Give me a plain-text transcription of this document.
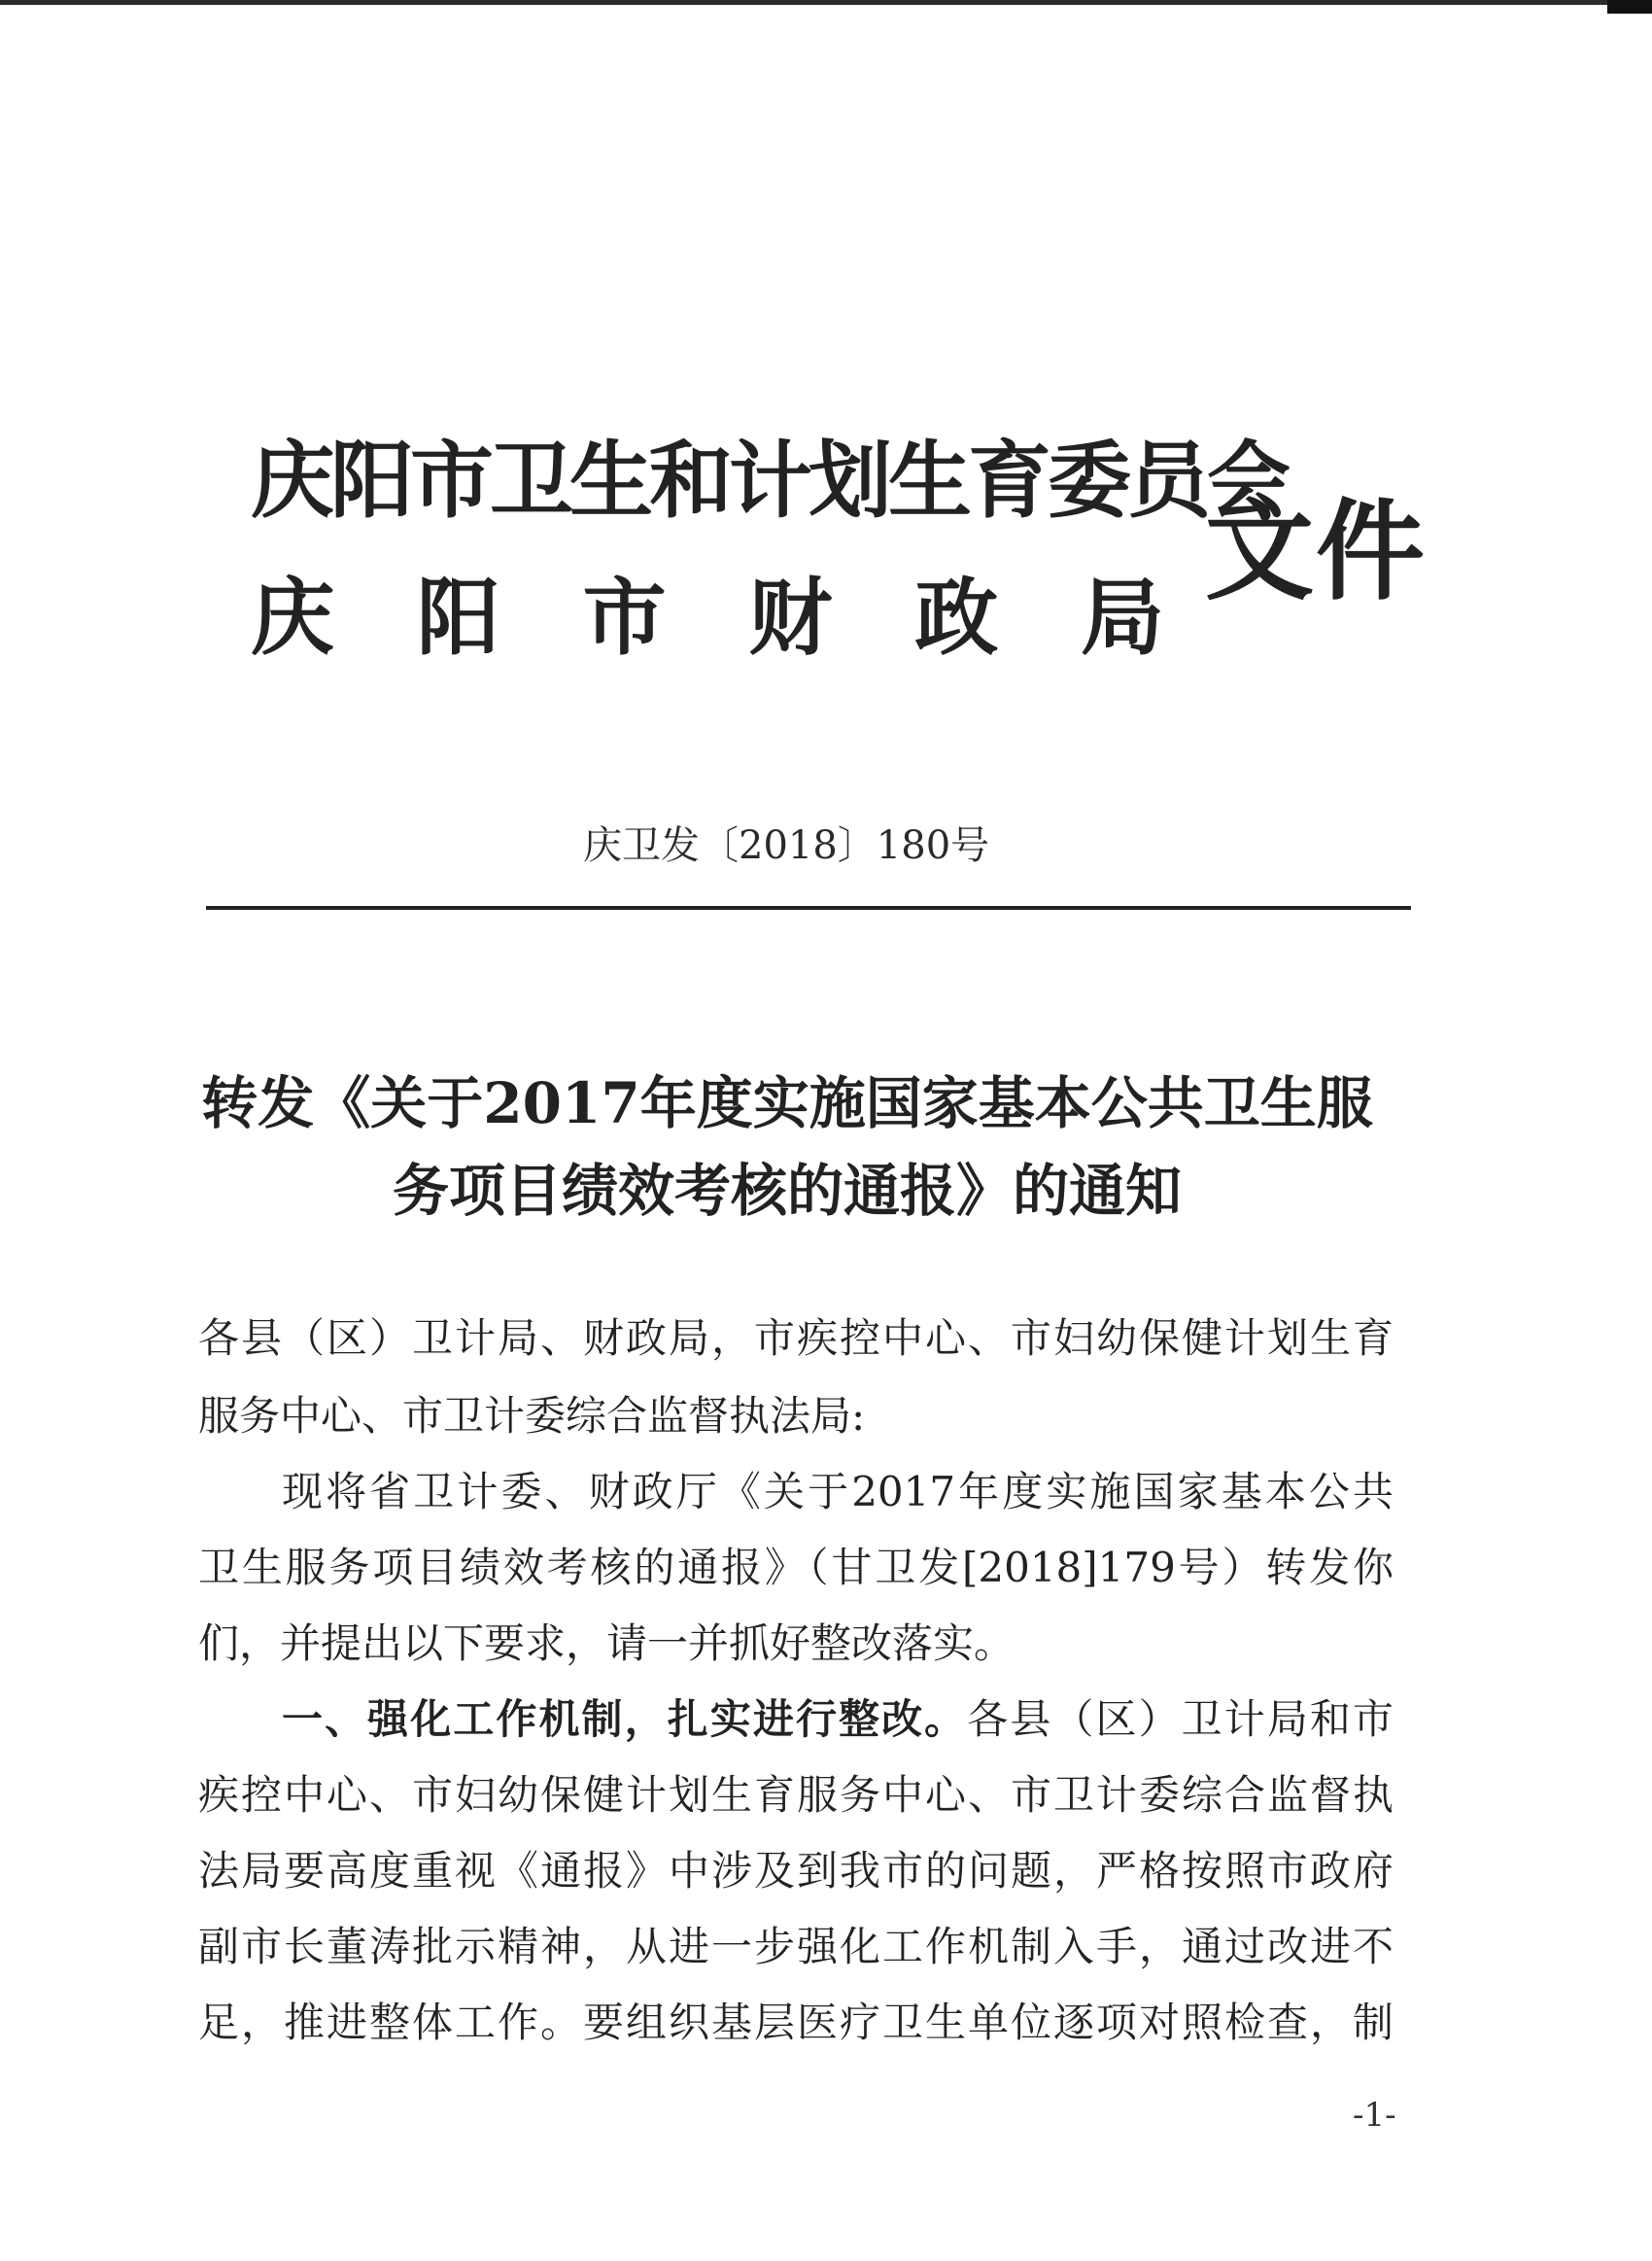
庆阳市卫生和计划生育委员会
庆 阳 市 财 政 局
文件
庆卫发〔2018〕180号
转发《关于2017年度实施国家基本公共卫生服
务项目绩效考核的通报》的通知
各县（区）卫计局、财政局，市疾控中心、市妇幼保健计划生育
服务中心、市卫计委综合监督执法局:
现将省卫计委、财政厅《关于2017年度实施国家基本公共
卫生服务项目绩效考核的通报》（甘卫发[2018]179号）转发你
们，并提出以下要求，请一并抓好整改落实。
一、强化工作机制，扎实进行整改。各县（区）卫计局和市
疾控中心、市妇幼保健计划生育服务中心、市卫计委综合监督执
法局要高度重视《通报》中涉及到我市的问题，严格按照市政府
副市长董涛批示精神，从进一步强化工作机制入手，通过改进不
足，推进整体工作。要组织基层医疗卫生单位逐项对照检查，制
-1-
